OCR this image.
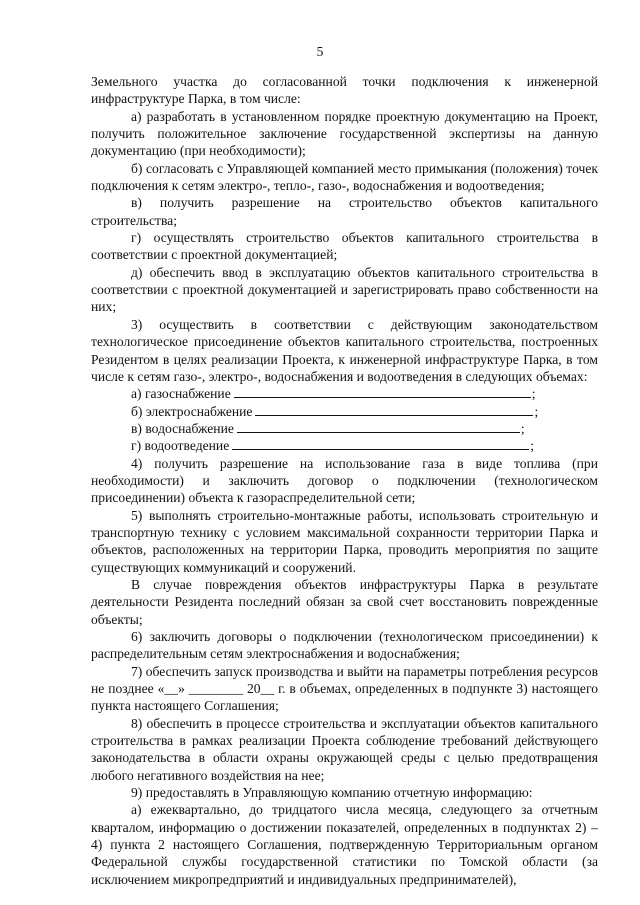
5

Земельного участка до согласованной точки подключения к инженерной инфраструктуре Парка, в том числе:

а) разработать в установленном порядке проектную документацию на Проект, получить положительное заключение государственной экспертизы на данную документацию (при необходимости);

б) согласовать с Управляющей компанией место примыкания (положения) точек подключения к сетям электро-, тепло-, газо-, водоснабжения и водоотведения;

в) получить разрешение на строительство объектов капитального строительства;

г) осуществлять строительство объектов капитального строительства в соответствии с проектной документацией;

д) обеспечить ввод в эксплуатацию объектов капитального строительства в соответствии с проектной документацией и зарегистрировать право собственности на них;

3) осуществить в соответствии с действующим законодательством технологическое присоединение объектов капитального строительства, построенных Резидентом в целях реализации Проекта, к инженерной инфраструктуре Парка, в том числе к сетям газо-, электро-, водоснабжения и водоотведения в следующих объемах:

а) газоснабжение	;
б) электроснабжение	;
в) водоснабжение	;
г) водоотведение	;

4) получить разрешение на использование газа в виде топлива (при необходимости) и заключить договор о подключении (технологическом присоединении) объекта к газораспределительной сети;

5) выполнять строительно-монтажные работы, использовать строительную и транспортную технику с условием максимальной сохранности территории Парка и объектов, расположенных на территории Парка, проводить мероприятия по защите существующих коммуникаций и сооружений.

В случае повреждения объектов инфраструктуры Парка в результате деятельности Резидента последний обязан за свой счет восстановить поврежденные объекты;

6) заключить договоры о подключении (технологическом присоединении) к распределительным сетям электроснабжения и водоснабжения;

7) обеспечить запуск производства и выйти на параметры потребления ресурсов не позднее «__» ________ 20__ г. в объемах, определенных в подпункте 3) настоящего пункта настоящего Соглашения;

8) обеспечить в процессе строительства и эксплуатации объектов капитального строительства в рамках реализации Проекта соблюдение требований действующего законодательства в области охраны окружающей среды с целью предотвращения любого негативного воздействия на нее;

9) предоставлять в Управляющую компанию отчетную информацию:

а) ежеквартально, до тридцатого числа месяца, следующего за отчетным кварталом, информацию о достижении показателей, определенных в подпунктах 2) – 4) пункта 2 настоящего Соглашения, подтвержденную Территориальным органом Федеральной службы государственной статистики по Томской области (за исключением микропредприятий и индивидуальных предпринимателей),
